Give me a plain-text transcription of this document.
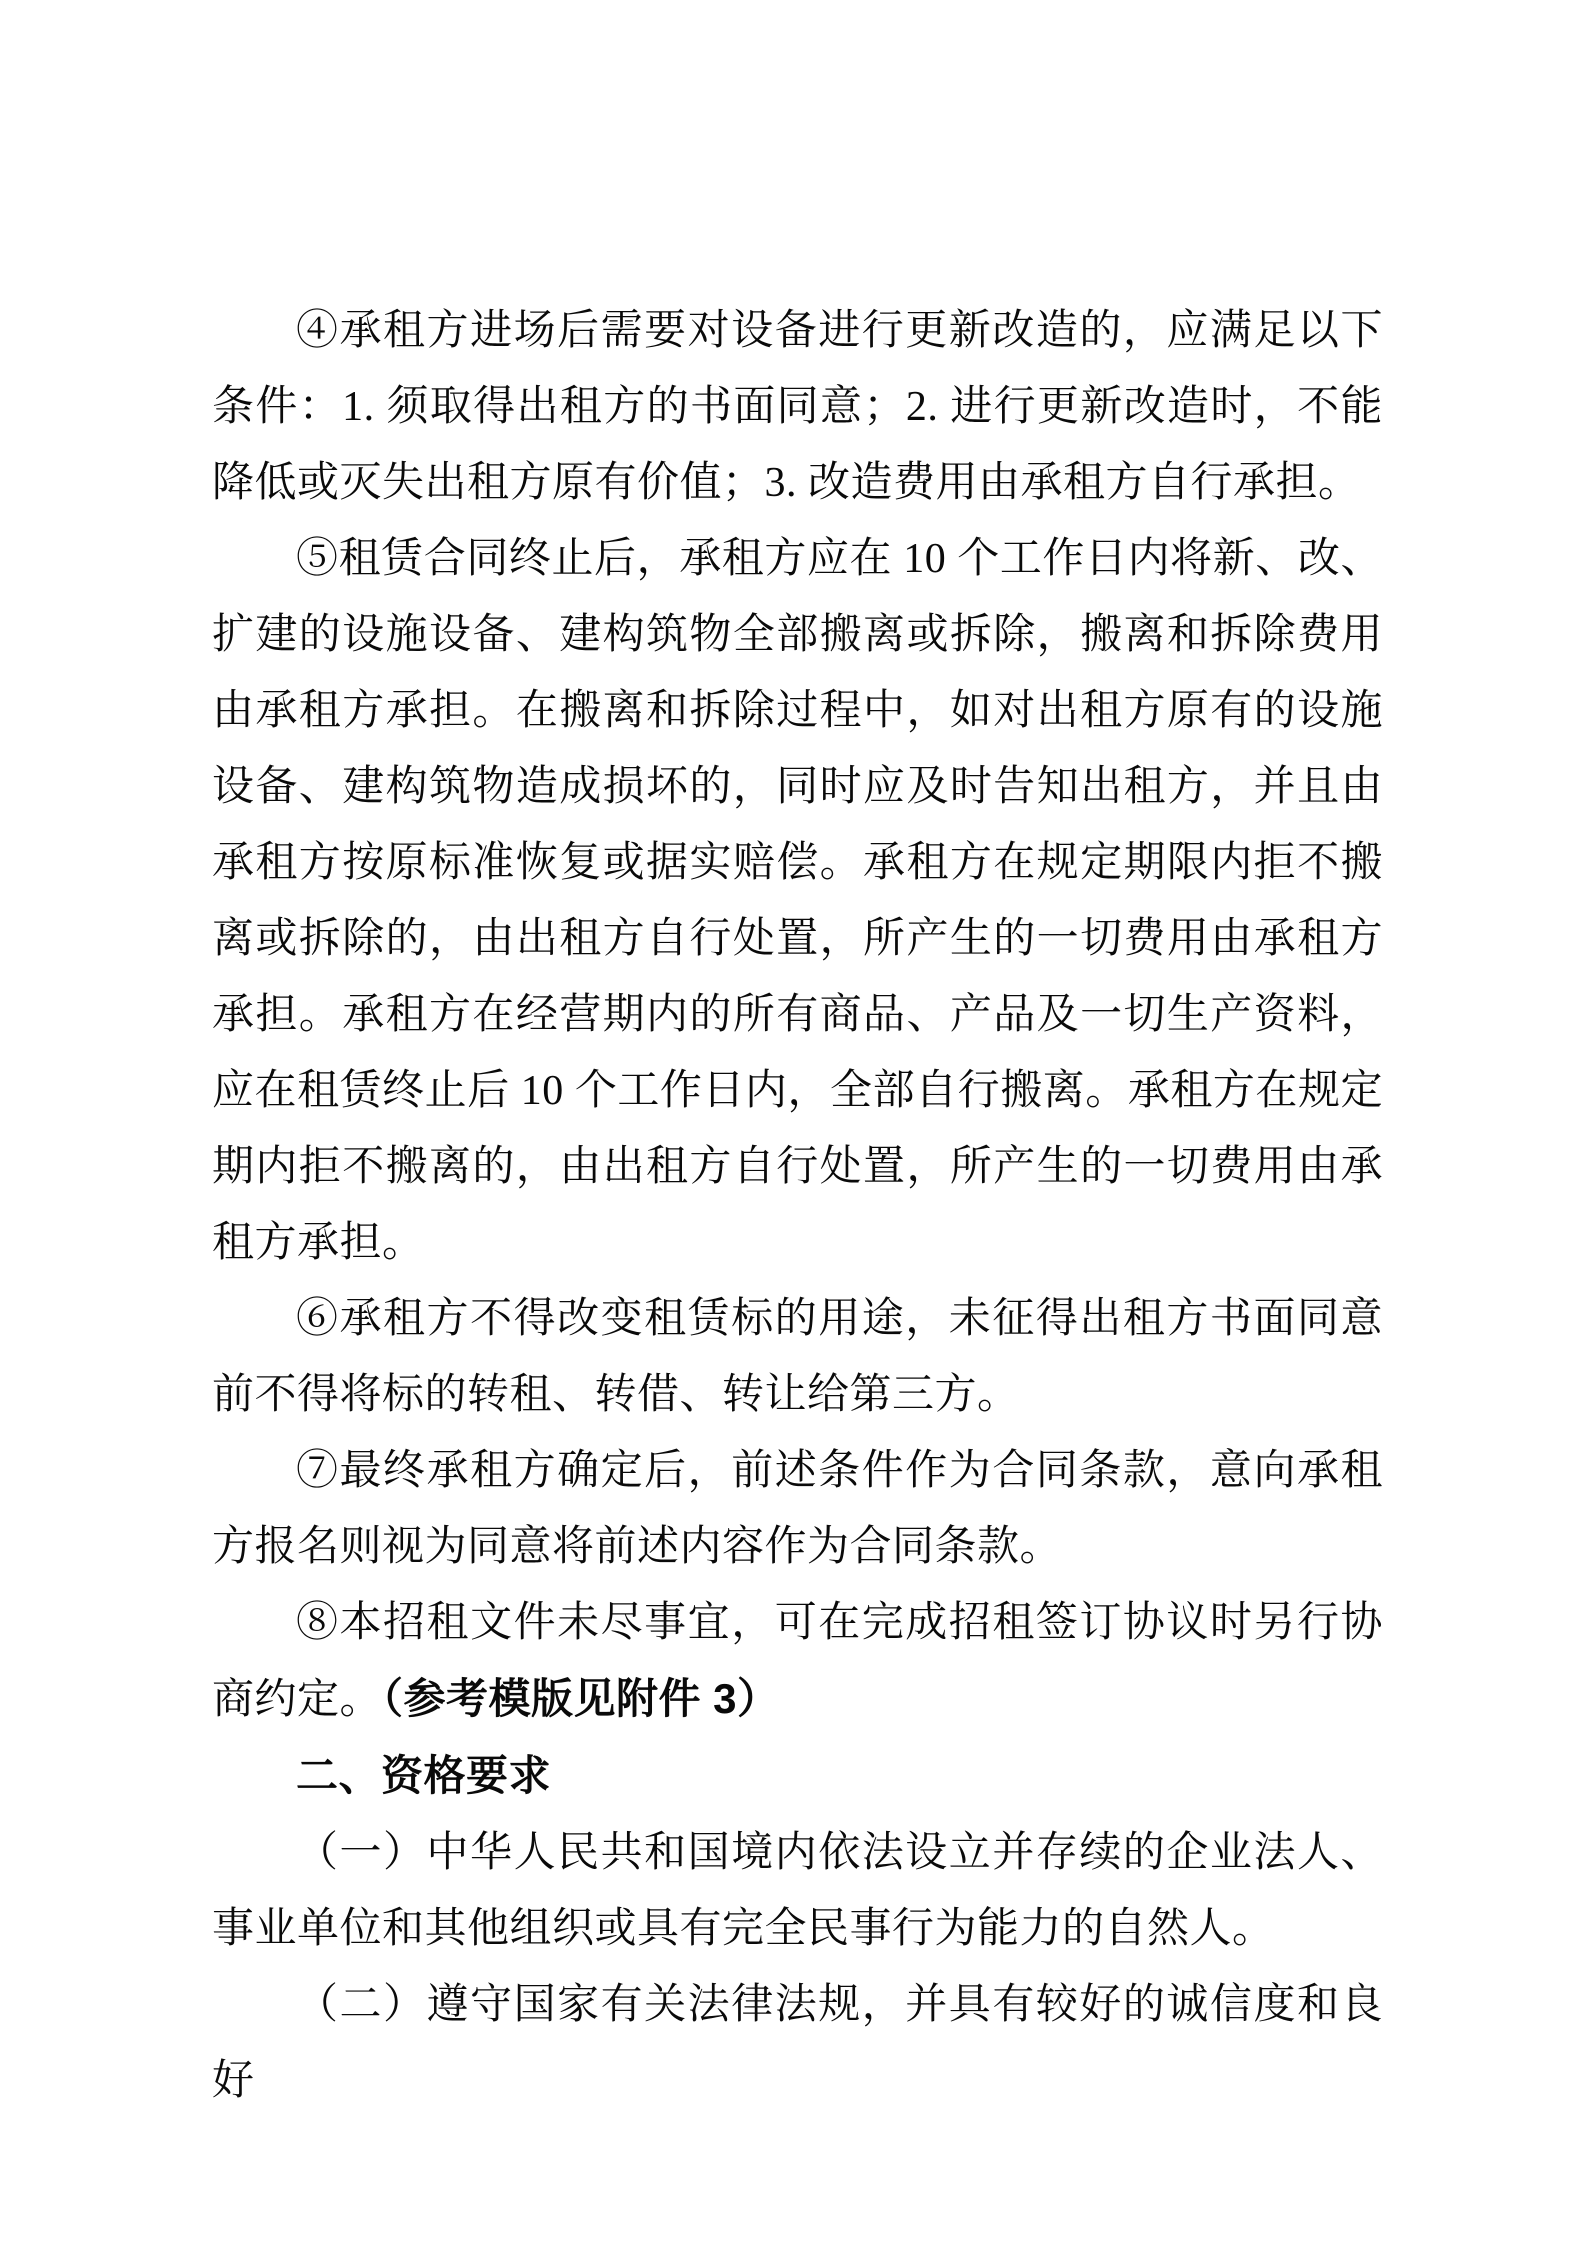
④承租方进场后需要对设备进行更新改造的，应满足以下条件：1. 须取得出租方的书面同意；2. 进行更新改造时，不能降低或灭失出租方原有价值；3. 改造费用由承租方自行承担。

⑤租赁合同终止后，承租方应在 10 个工作日内将新、改、扩建的设施设备、建构筑物全部搬离或拆除，搬离和拆除费用由承租方承担。在搬离和拆除过程中，如对出租方原有的设施设备、建构筑物造成损坏的，同时应及时告知出租方，并且由承租方按原标准恢复或据实赔偿。承租方在规定期限内拒不搬离或拆除的，由出租方自行处置，所产生的一切费用由承租方承担。承租方在经营期内的所有商品、产品及一切生产资料，应在租赁终止后 10 个工作日内，全部自行搬离。承租方在规定期内拒不搬离的，由出租方自行处置，所产生的一切费用由承租方承担。

⑥承租方不得改变租赁标的用途，未征得出租方书面同意前不得将标的转租、转借、转让给第三方。

⑦最终承租方确定后，前述条件作为合同条款，意向承租方报名则视为同意将前述内容作为合同条款。

⑧本招租文件未尽事宜，可在完成招租签订协议时另行协商约定。（参考模版见附件 3）

二、资格要求

（一）中华人民共和国境内依法设立并存续的企业法人、事业单位和其他组织或具有完全民事行为能力的自然人。

（二）遵守国家有关法律法规，并具有较好的诚信度和良好
